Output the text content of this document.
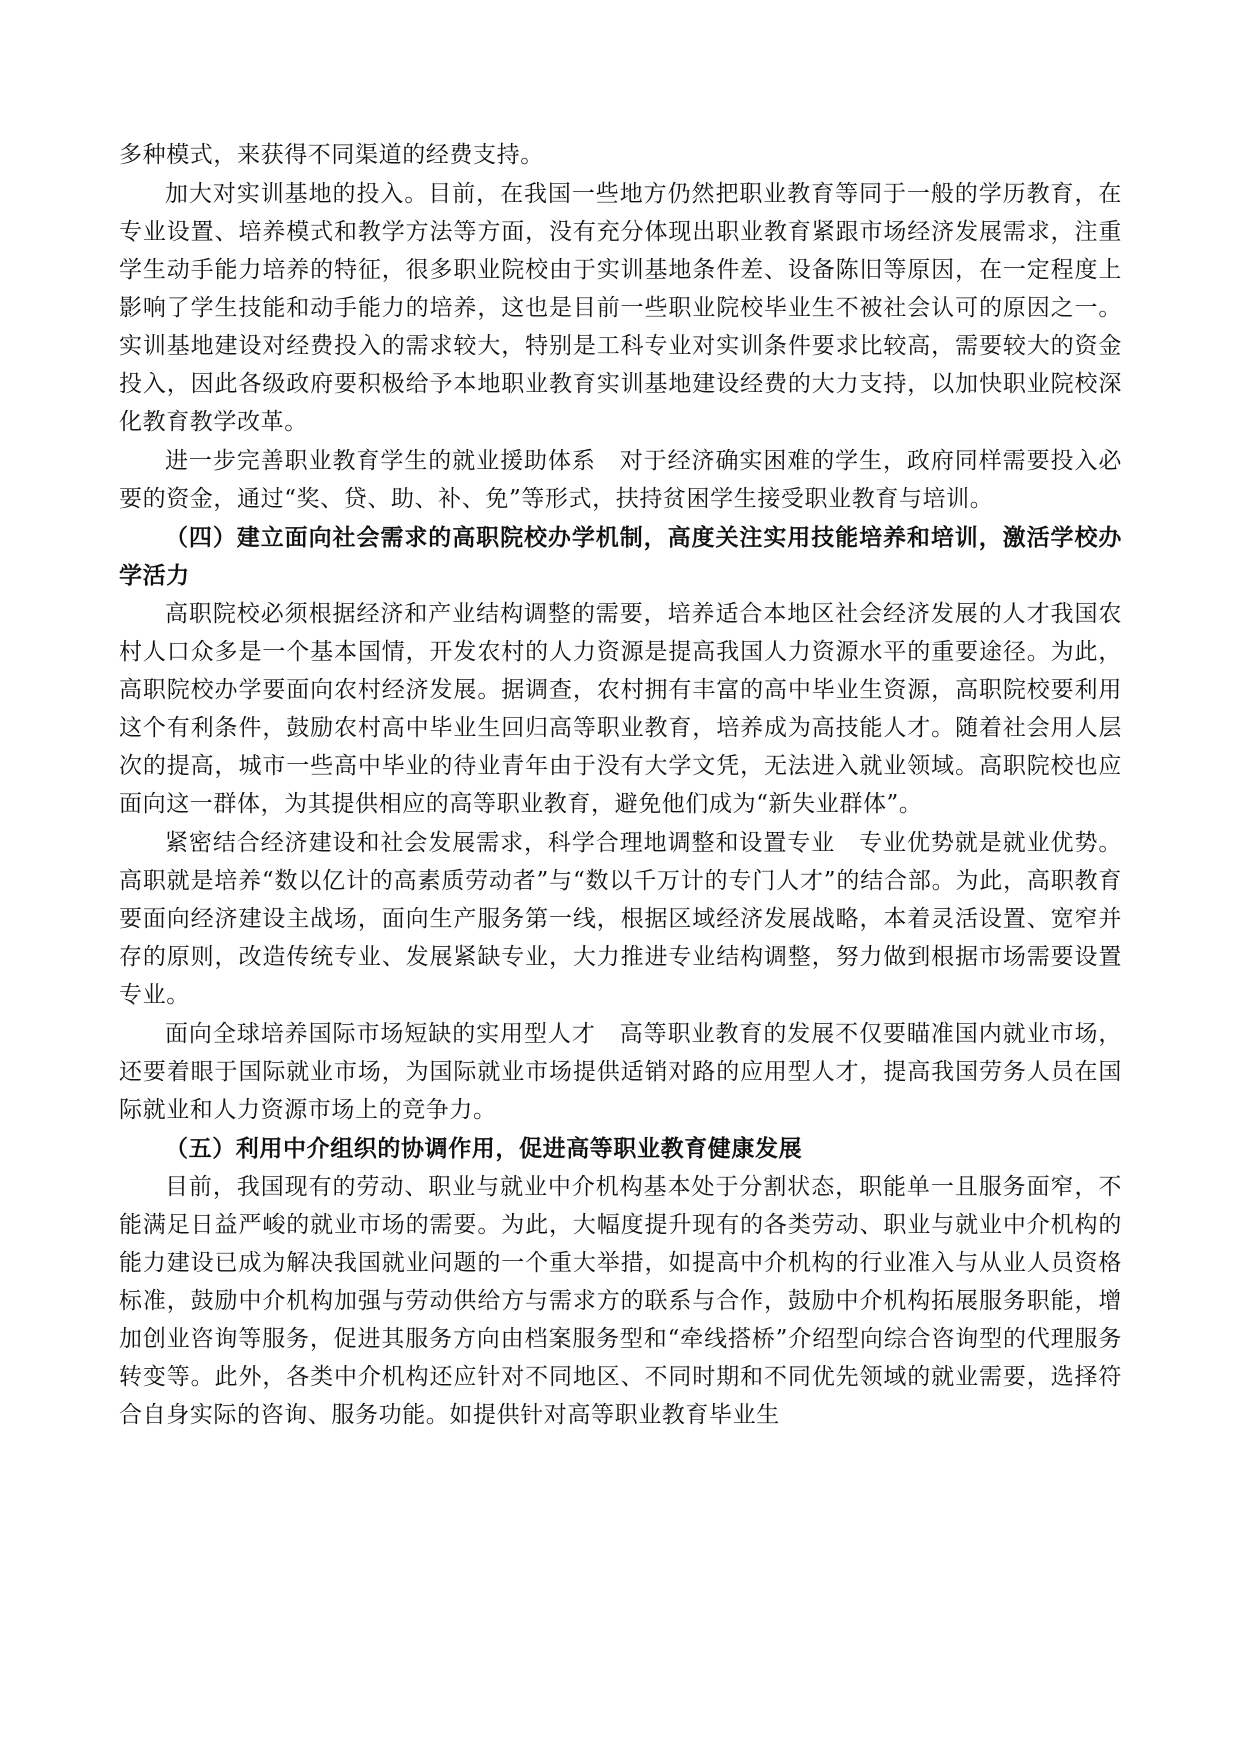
多种模式，来获得不同渠道的经费支持。

加大对实训基地的投入。目前，在我国一些地方仍然把职业教育等同于一般的学历教育，在专业设置、培养模式和教学方法等方面，没有充分体现出职业教育紧跟市场经济发展需求，注重学生动手能力培养的特征，很多职业院校由于实训基地条件差、设备陈旧等原因，在一定程度上影响了学生技能和动手能力的培养，这也是目前一些职业院校毕业生不被社会认可的原因之一。实训基地建设对经费投入的需求较大，特别是工科专业对实训条件要求比较高，需要较大的资金投入，因此各级政府要积极给予本地职业教育实训基地建设经费的大力支持，以加快职业院校深化教育教学改革。

进一步完善职业教育学生的就业援助体系　对于经济确实困难的学生，政府同样需要投入必要的资金，通过“奖、贷、助、补、免”等形式，扶持贫困学生接受职业教育与培训。

（四）建立面向社会需求的高职院校办学机制，高度关注实用技能培养和培训，激活学校办学活力

高职院校必须根据经济和产业结构调整的需要，培养适合本地区社会经济发展的人才我国农村人口众多是一个基本国情，开发农村的人力资源是提高我国人力资源水平的重要途径。为此，高职院校办学要面向农村经济发展。据调查，农村拥有丰富的高中毕业生资源，高职院校要利用这个有利条件，鼓励农村高中毕业生回归高等职业教育，培养成为高技能人才。随着社会用人层次的提高，城市一些高中毕业的待业青年由于没有大学文凭，无法进入就业领域。高职院校也应面向这一群体，为其提供相应的高等职业教育，避免他们成为“新失业群体”。

紧密结合经济建设和社会发展需求，科学合理地调整和设置专业　专业优势就是就业优势。高职就是培养“数以亿计的高素质劳动者”与“数以千万计的专门人才”的结合部。为此，高职教育要面向经济建设主战场，面向生产服务第一线，根据区域经济发展战略，本着灵活设置、宽窄并存的原则，改造传统专业、发展紧缺专业，大力推进专业结构调整，努力做到根据市场需要设置专业。

面向全球培养国际市场短缺的实用型人才　高等职业教育的发展不仅要瞄准国内就业市场，还要着眼于国际就业市场，为国际就业市场提供适销对路的应用型人才，提高我国劳务人员在国际就业和人力资源市场上的竞争力。

（五）利用中介组织的协调作用，促进高等职业教育健康发展

目前，我国现有的劳动、职业与就业中介机构基本处于分割状态，职能单一且服务面窄，不能满足日益严峻的就业市场的需要。为此，大幅度提升现有的各类劳动、职业与就业中介机构的能力建设已成为解决我国就业问题的一个重大举措，如提高中介机构的行业准入与从业人员资格标准，鼓励中介机构加强与劳动供给方与需求方的联系与合作，鼓励中介机构拓展服务职能，增加创业咨询等服务，促进其服务方向由档案服务型和“牵线搭桥”介绍型向综合咨询型的代理服务转变等。此外，各类中介机构还应针对不同地区、不同时期和不同优先领域的就业需要，选择符合自身实际的咨询、服务功能。如提供针对高等职业教育毕业生
